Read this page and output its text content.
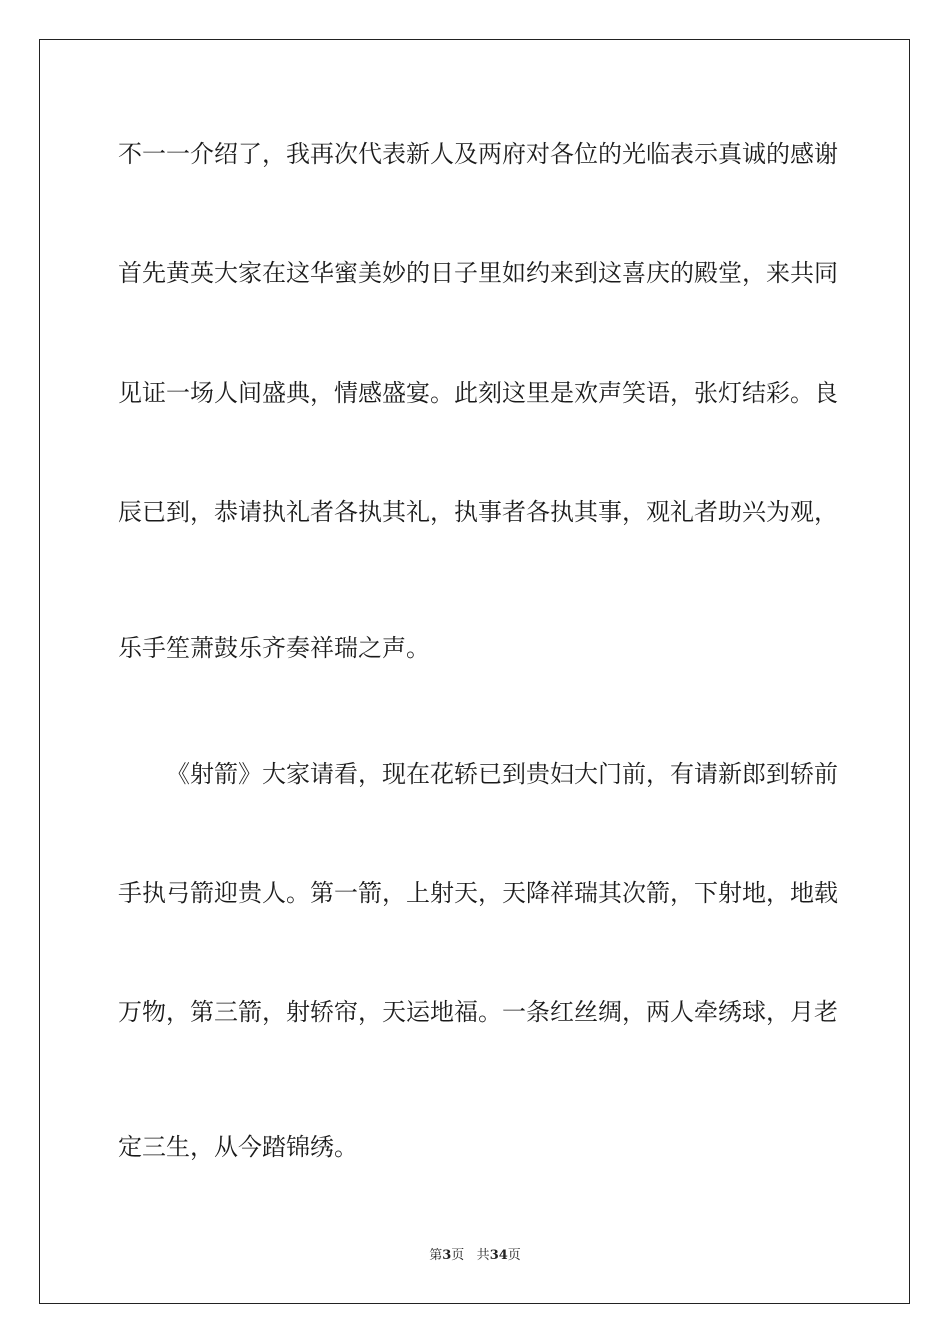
不一一介绍了，我再次代表新人及两府对各位的光临表示真诚的感谢
首先黄英大家在这华蜜美妙的日子里如约来到这喜庆的殿堂，来共同
见证一场人间盛典，情感盛宴。此刻这里是欢声笑语，张灯结彩。良
辰已到，恭请执礼者各执其礼，执事者各执其事，观礼者助兴为观，
乐手笙萧鼓乐齐奏祥瑞之声。
《射箭》大家请看，现在花轿已到贵妇大门前，有请新郎到轿前
手执弓箭迎贵人。第一箭，上射天，天降祥瑞其次箭，下射地，地载
万物，第三箭，射轿帘，天运地福。一条红丝绸，两人牵绣球，月老
定三生，从今踏锦绣。
第3页 共34页
